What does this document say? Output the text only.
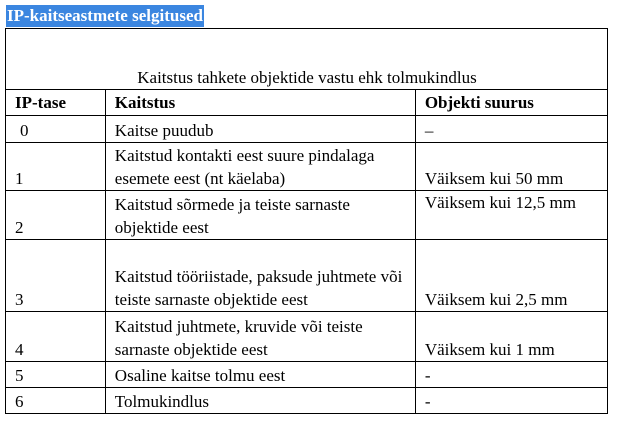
IP-kaitseastmete selgitused
Kaitstus tahkete objektide vastu ehk tolmukindlus		
IP-tase	Kaitstus	Objekti suurus
0	Kaitse puudub	–
1	Kaitstud kontakti eest suure pindalaga esemete eest (nt käelaba)	Väiksem kui 50 mm
2	Kaitstud sõrmede ja teiste sarnaste objektide eest	Väiksem kui 12,5 mm
3	Kaitstud tööriistade, paksude juhtmete või teiste sarnaste objektide eest	Väiksem kui 2,5 mm
4	Kaitstud juhtmete, kruvide või teiste sarnaste objektide eest	Väiksem kui 1 mm
5	Osaline kaitse tolmu eest	-
6	Tolmukindlus	-
